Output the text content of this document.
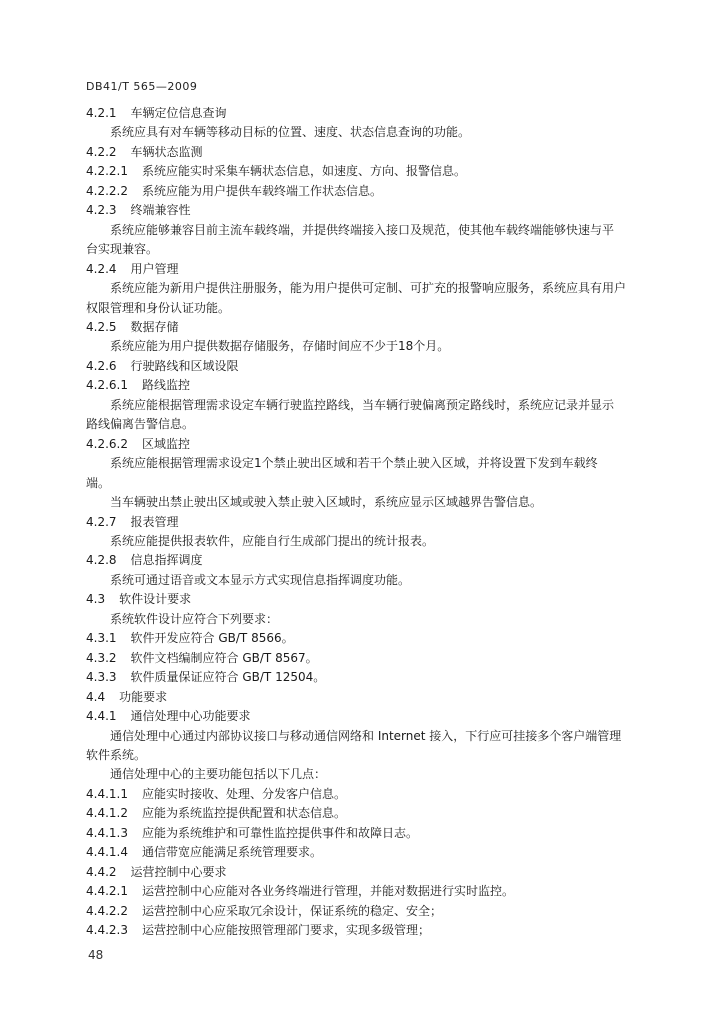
DB41/T 565—2009
4.2.1 车辆定位信息查询
系统应具有对车辆等移动目标的位置、速度、状态信息查询的功能。
4.2.2 车辆状态监测
4.2.2.1 系统应能实时采集车辆状态信息，如速度、方向、报警信息。
4.2.2.2 系统应能为用户提供车载终端工作状态信息。
4.2.3 终端兼容性
系统应能够兼容目前主流车载终端，并提供终端接入接口及规范，使其他车载终端能够快速与平
台实现兼容。
4.2.4 用户管理
系统应能为新用户提供注册服务，能为用户提供可定制、可扩充的报警响应服务，系统应具有用户
权限管理和身份认证功能。
4.2.5 数据存储
系统应能为用户提供数据存储服务，存储时间应不少于18个月。
4.2.6 行驶路线和区域设限
4.2.6.1 路线监控
系统应能根据管理需求设定车辆行驶监控路线，当车辆行驶偏离预定路线时，系统应记录并显示
路线偏离告警信息。
4.2.6.2 区域监控
系统应能根据管理需求设定1个禁止驶出区域和若干个禁止驶入区域，并将设置下发到车载终
端。
当车辆驶出禁止驶出区域或驶入禁止驶入区域时，系统应显示区域越界告警信息。
4.2.7 报表管理
系统应能提供报表软件，应能自行生成部门提出的统计报表。
4.2.8 信息指挥调度
系统可通过语音或文本显示方式实现信息指挥调度功能。
4.3 软件设计要求
系统软件设计应符合下列要求：
4.3.1 软件开发应符合 GB/T 8566。
4.3.2 软件文档编制应符合 GB/T 8567。
4.3.3 软件质量保证应符合 GB/T 12504。
4.4 功能要求
4.4.1 通信处理中心功能要求
通信处理中心通过内部协议接口与移动通信网络和 Internet 接入，下行应可挂接多个客户端管理
软件系统。
通信处理中心的主要功能包括以下几点：
4.4.1.1 应能实时接收、处理、分发客户信息。
4.4.1.2 应能为系统监控提供配置和状态信息。
4.4.1.3 应能为系统维护和可靠性监控提供事件和故障日志。
4.4.1.4 通信带宽应能满足系统管理要求。
4.4.2 运营控制中心要求
4.4.2.1 运营控制中心应能对各业务终端进行管理，并能对数据进行实时监控。
4.4.2.2 运营控制中心应采取冗余设计，保证系统的稳定、安全；
4.4.2.3 运营控制中心应能按照管理部门要求，实现多级管理；
48
